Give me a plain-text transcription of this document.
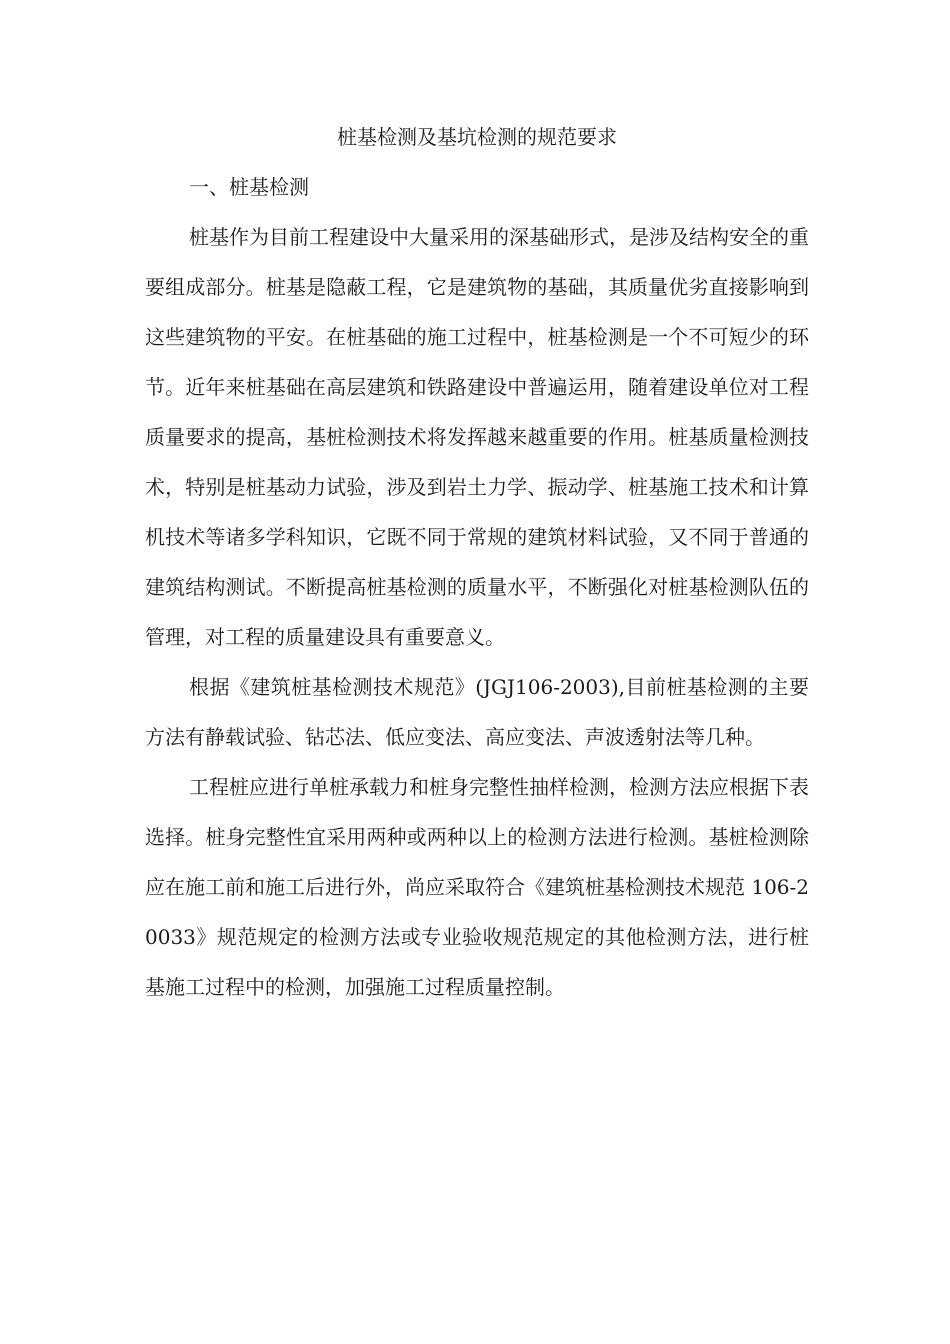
桩基检测及基坑检测的规范要求
一、桩基检测

桩基作为目前工程建设中大量采用的深基础形式，是涉及结构安全的重要组成部分。桩基是隐蔽工程，它是建筑物的基础，其质量优劣直接影响到这些建筑物的平安。在桩基础的施工过程中，桩基检测是一个不可短少的环节。近年来桩基础在高层建筑和铁路建设中普遍运用，随着建设单位对工程质量要求的提高，基桩检测技术将发挥越来越重要的作用。桩基质量检测技术，特别是桩基动力试验，涉及到岩土力学、振动学、桩基施工技术和计算机技术等诸多学科知识，它既不同于常规的建筑材料试验，又不同于普通的建筑结构测试。不断提高桩基检测的质量水平，不断强化对桩基检测队伍的管理，对工程的质量建设具有重要意义。

根据《建筑桩基检测技术规范》(JGJ106-2003),目前桩基检测的主要方法有静载试验、钻芯法、低应变法、高应变法、声波透射法等几种。

工程桩应进行单桩承载力和桩身完整性抽样检测，检测方法应根据下表选择。桩身完整性宜采用两种或两种以上的检测方法进行检测。基桩检测除应在施工前和施工后进行外，尚应采取符合《建筑桩基检测技术规范 106-20033》规范规定的检测方法或专业验收规范规定的其他检测方法，进行桩基施工过程中的检测，加强施工过程质量控制。
